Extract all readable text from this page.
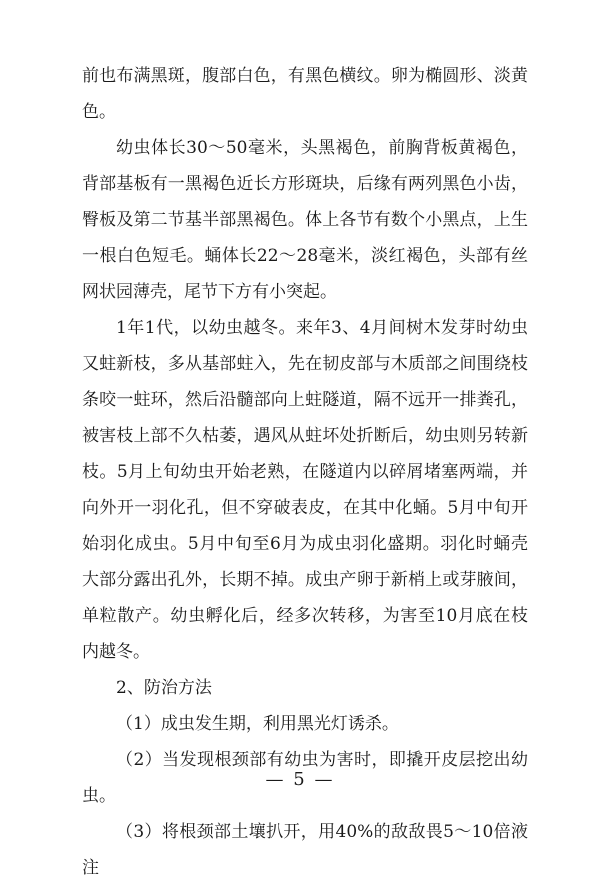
前也布满黑斑，腹部白色，有黑色横纹。卵为椭圆形、淡黄色。

幼虫体长30～50毫米，头黑褐色，前胸背板黄褐色，背部基板有一黑褐色近长方形斑块，后缘有两列黑色小齿，臀板及第二节基半部黑褐色。体上各节有数个小黑点，上生一根白色短毛。蛹体长22～28毫米，淡红褐色，头部有丝网状园薄壳，尾节下方有小突起。

1年1代，以幼虫越冬。来年3、4月间树木发芽时幼虫又蛀新枝，多从基部蛀入，先在韧皮部与木质部之间围绕枝条咬一蛀环，然后沿髓部向上蛀隧道，隔不远开一排粪孔，被害枝上部不久枯萎，遇风从蛀坏处折断后，幼虫则另转新枝。5月上旬幼虫开始老熟，在隧道内以碎屑堵塞两端，并向外开一羽化孔，但不穿破表皮，在其中化蛹。5月中旬开始羽化成虫。5月中旬至6月为成虫羽化盛期。羽化时蛹壳大部分露出孔外，长期不掉。成虫产卵于新梢上或芽腋间，单粒散产。幼虫孵化后，经多次转移，为害至10月底在枝内越冬。

2、防治方法

（1）成虫发生期，利用黑光灯诱杀。

（2）当发现根颈部有幼虫为害时，即撬开皮层挖出幼虫。

（3）将根颈部土壤扒开，用40%的敌敌畏5～10倍液注

— 5 —
